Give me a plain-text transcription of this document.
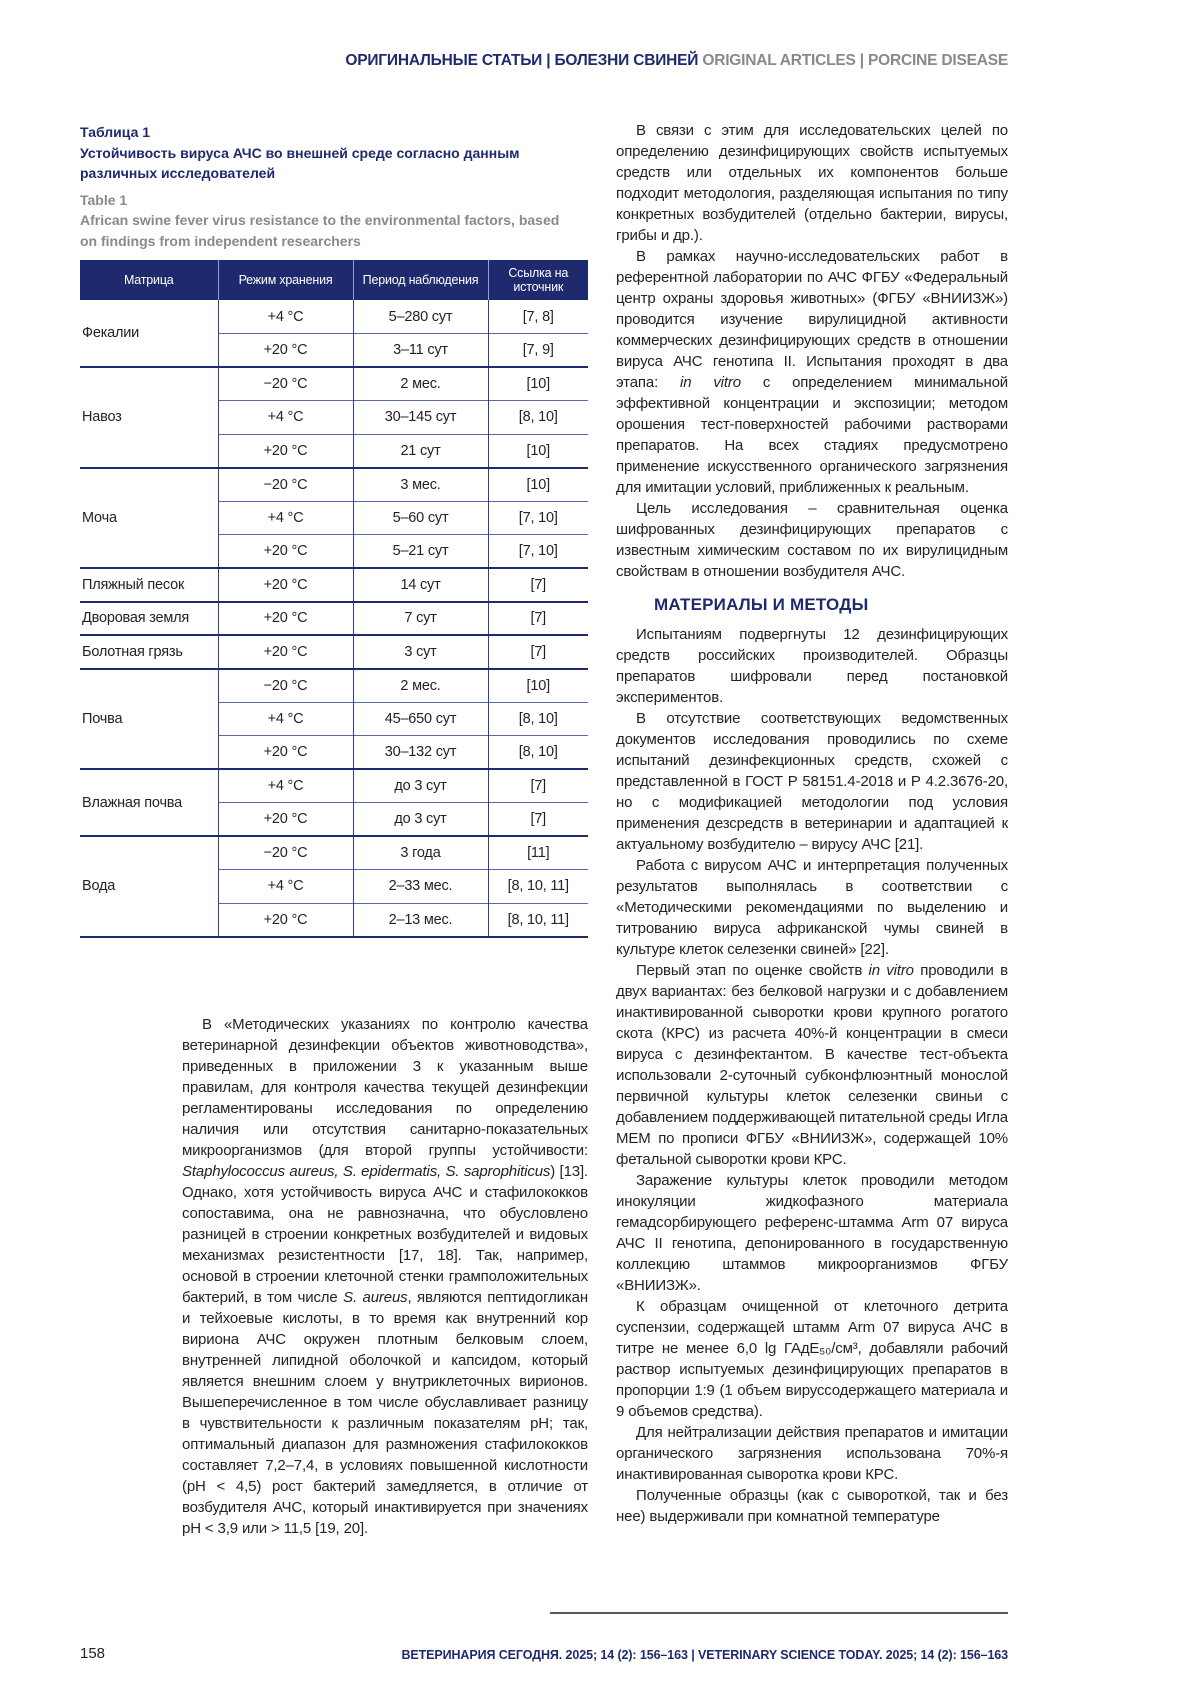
ОРИГИНАЛЬНЫЕ СТАТЬИ | БОЛЕЗНИ СВИНЕЙ ORIGINAL ARTICLES | PORCINE DISEASE

Таблица 1

Устойчивость вируса АЧС во внешней среде согласно данным различных исследователей

Table 1

African swine fever virus resistance to the environmental factors, based on findings from independent researchers

Матрица	Режим хранения	Период наблюдения	Ссылка на источник
Фекалии	+4 °C	5–280 сут	[7, 8]
	+20 °C	3–11 сут	[7, 9]
Навоз	−20 °C	2 мес.	[10]
	+4 °C	30–145 сут	[8, 10]
	+20 °C	21 сут	[10]
Моча	−20 °C	3 мес.	[10]
	+4 °C	5–60 сут	[7, 10]
	+20 °C	5–21 сут	[7, 10]
Пляжный песок	+20 °C	14 сут	[7]
Дворовая земля	+20 °C	7 сут	[7]
Болотная грязь	+20 °C	3 сут	[7]
Почва	−20 °C	2 мес.	[10]
	+4 °C	45–650 сут	[8, 10]
	+20 °C	30–132 сут	[8, 10]
Влажная почва	+4 °C	до 3 сут	[7]
	+20 °C	до 3 сут	[7]
Вода	−20 °C	3 года	[11]
	+4 °C	2–33 мес.	[8, 10, 11]
	+20 °C	2–13 мес.	[8, 10, 11]

В «Методических указаниях по контролю качества ветеринарной дезинфекции объектов животноводства», приведенных в приложении 3 к указанным выше правилам, для контроля качества текущей дезинфекции регламентированы исследования по определению наличия или отсутствия санитарно-показательных микроорганизмов (для второй группы устойчивости: Staphylococcus aureus, S. epidermatis, S. saprophiticus) [13]. Однако, хотя устойчивость вируса АЧС и стафилококков сопоставима, она не равнозначна, что обусловлено разницей в строении конкретных возбудителей и видовых механизмах резистентности [17, 18]. Так, например, основой в строении клеточной стенки грамположительных бактерий, в том числе S. aureus, являются пептидогликан и тейхоевые кислоты, в то время как внутренний кор вириона АЧС окружен плотным белковым слоем, внутренней липидной оболочкой и капсидом, который является внешним слоем у внутриклеточных вирионов. Вышеперечисленное в том числе обуславливает разницу в чувствительности к различным показателям pH; так, оптимальный диапазон для размножения стафилококков составляет 7,2–7,4, в условиях повышенной кислотности (pH < 4,5) рост бактерий замедляется, в отличие от возбудителя АЧС, который инактивируется при значениях pH < 3,9 или > 11,5 [19, 20].

В связи с этим для исследовательских целей по определению дезинфицирующих свойств испытуемых средств или отдельных их компонентов больше подходит методология, разделяющая испытания по типу конкретных возбудителей (отдельно бактерии, вирусы, грибы и др.).

В рамках научно-исследовательских работ в референтной лаборатории по АЧС ФГБУ «Федеральный центр охраны здоровья животных» (ФГБУ «ВНИИЗЖ») проводится изучение вирулицидной активности коммерческих дезинфицирующих средств в отношении вируса АЧС генотипа II. Испытания проходят в два этапа: in vitro с определением минимальной эффективной концентрации и экспозиции; методом орошения тест-поверхностей рабочими растворами препаратов. На всех стадиях предусмотрено применение искусственного органического загрязнения для имитации условий, приближенных к реальным.

Цель исследования – сравнительная оценка шифрованных дезинфицирующих препаратов с известным химическим составом по их вирулицидным свойствам в отношении возбудителя АЧС.

МАТЕРИАЛЫ И МЕТОДЫ

Испытаниям подвергнуты 12 дезинфицирующих средств российских производителей. Образцы препаратов шифровали перед постановкой экспериментов.

В отсутствие соответствующих ведомственных документов исследования проводились по схеме испытаний дезинфекционных средств, схожей с представленной в ГОСТ Р 58151.4-2018 и Р 4.2.3676-20, но с модификацией методологии под условия применения дезсредств в ветеринарии и адаптацией к актуальному возбудителю – вирусу АЧС [21].

Работа с вирусом АЧС и интерпретация полученных результатов выполнялась в соответствии с «Методическими рекомендациями по выделению и титрованию вируса африканской чумы свиней в культуре клеток селезенки свиней» [22].

Первый этап по оценке свойств in vitro проводили в двух вариантах: без белковой нагрузки и с добавлением инактивированной сыворотки крови крупного рогатого скота (КРС) из расчета 40%-й концентрации в смеси вируса с дезинфектантом. В качестве тест-объекта использовали 2-суточный субконфлюэнтный монослой первичной культуры клеток селезенки свиньи с добавлением поддерживающей питательной среды Игла MEM по прописи ФГБУ «ВНИИЗЖ», содержащей 10% фетальной сыворотки крови КРС.

Заражение культуры клеток проводили методом инокуляции жидкофазного материала гемадсорбирующего референс-штамма Arm 07 вируса АЧС II генотипа, депонированного в государственную коллекцию штаммов микроорганизмов ФГБУ «ВНИИЗЖ».

К образцам очищенной от клеточного детрита суспензии, содержащей штамм Arm 07 вируса АЧС в титре не менее 6,0 lg ГАдЕ₅₀/см³, добавляли рабочий раствор испытуемых дезинфицирующих препаратов в пропорции 1:9 (1 объем вируссодержащего материала и 9 объемов средства).

Для нейтрализации действия препаратов и имитации органического загрязнения использована 70%-я инактивированная сыворотка крови КРС.

Полученные образцы (как с сывороткой, так и без нее) выдерживали при комнатной температуре

158	ВЕТЕРИНАРИЯ СЕГОДНЯ. 2025; 14 (2): 156–163 | VETERINARY SCIENCE TODAY. 2025; 14 (2): 156–163
